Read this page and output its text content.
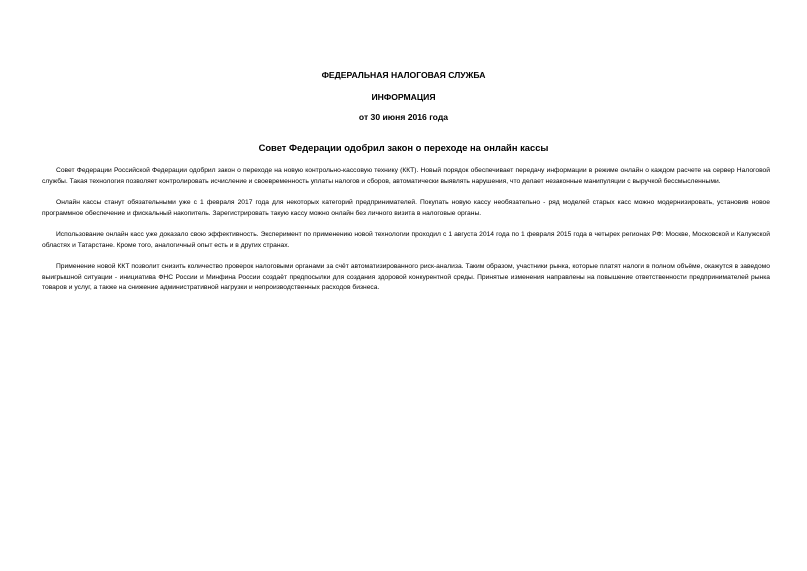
ФЕДЕРАЛЬНАЯ НАЛОГОВАЯ СЛУЖБА
ИНФОРМАЦИЯ
от 30 июня 2016 года
Совет Федерации одобрил закон о переходе на онлайн кассы

Совет Федерации Российской Федерации одобрил закон о переходе на новую контрольно-кассовую технику (ККТ). Новый порядок обеспечивает передачу информации в режиме онлайн о каждом расчете на сервер Налоговой службы. Такая технология позволяет контролировать исчисление и своевременность уплаты налогов и сборов, автоматически выявлять нарушения, что делает незаконные манипуляции с выручкой бессмысленными.

Онлайн кассы станут обязательными уже с 1 февраля 2017 года для некоторых категорий предпринимателей. Покупать новую кассу необязательно - ряд моделей старых касс можно модернизировать, установив новое программное обеспечение и фискальный накопитель. Зарегистрировать такую кассу можно онлайн без личного визита в налоговые органы.

Использование онлайн касс уже доказало свою эффективность. Эксперимент по применению новой технологии проходил с 1 августа 2014 года по 1 февраля 2015 года в четырех регионах РФ: Москве, Московской и Калужской областях и Татарстане. Кроме того, аналогичный опыт есть и в других странах.

Применение новой ККТ позволит снизить количество проверок налоговыми органами за счёт автоматизированного риск-анализа. Таким образом, участники рынка, которые платят налоги в полном объёме, окажутся в заведомо выигрышной ситуации - инициатива ФНС России и Минфина России создаёт предпосылки для создания здоровой конкурентной среды. Принятые изменения направлены на повышение ответственности предпринимателей рынка товаров и услуг, а также на снижение административной нагрузки и непроизводственных расходов бизнеса.
